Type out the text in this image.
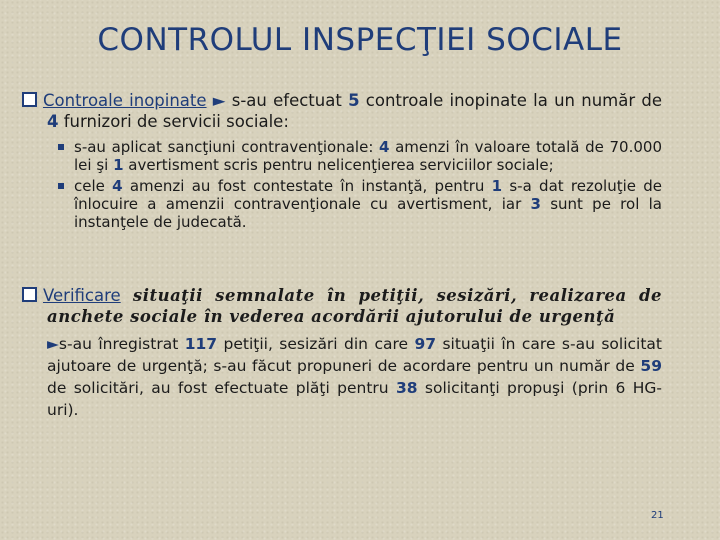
CONTROLUL INSPECŢIEI SOCIALE
Controale inopinate ► s-au efectuat 5 controale inopinate la un număr de 4 furnizori de servicii sociale:
s-au aplicat sancţiuni contravenţionale: 4 amenzi în valoare totală de 70.000 lei şi 1 avertisment scris pentru nelicenţierea serviciilor sociale;
cele 4 amenzi au fost contestate în instanţă, pentru 1 s-a dat rezoluţie de înlocuire a amenzii contravenţionale cu avertisment, iar 3 sunt pe rol la instanţele de judecată.
Verificare situaţii semnalate în petiţii, sesizări, realizarea de anchete sociale în vederea acordării ajutorului de urgenţă
►s-au înregistrat 117 petiţii, sesizări din care 97 situaţii în care s-au solicitat ajutoare de urgenţă; s-au făcut propuneri de acordare pentru un număr de 59 de solicitări, au fost efectuate plăţi pentru 38 solicitanţi propuşi (prin 6 HG-uri).
21
